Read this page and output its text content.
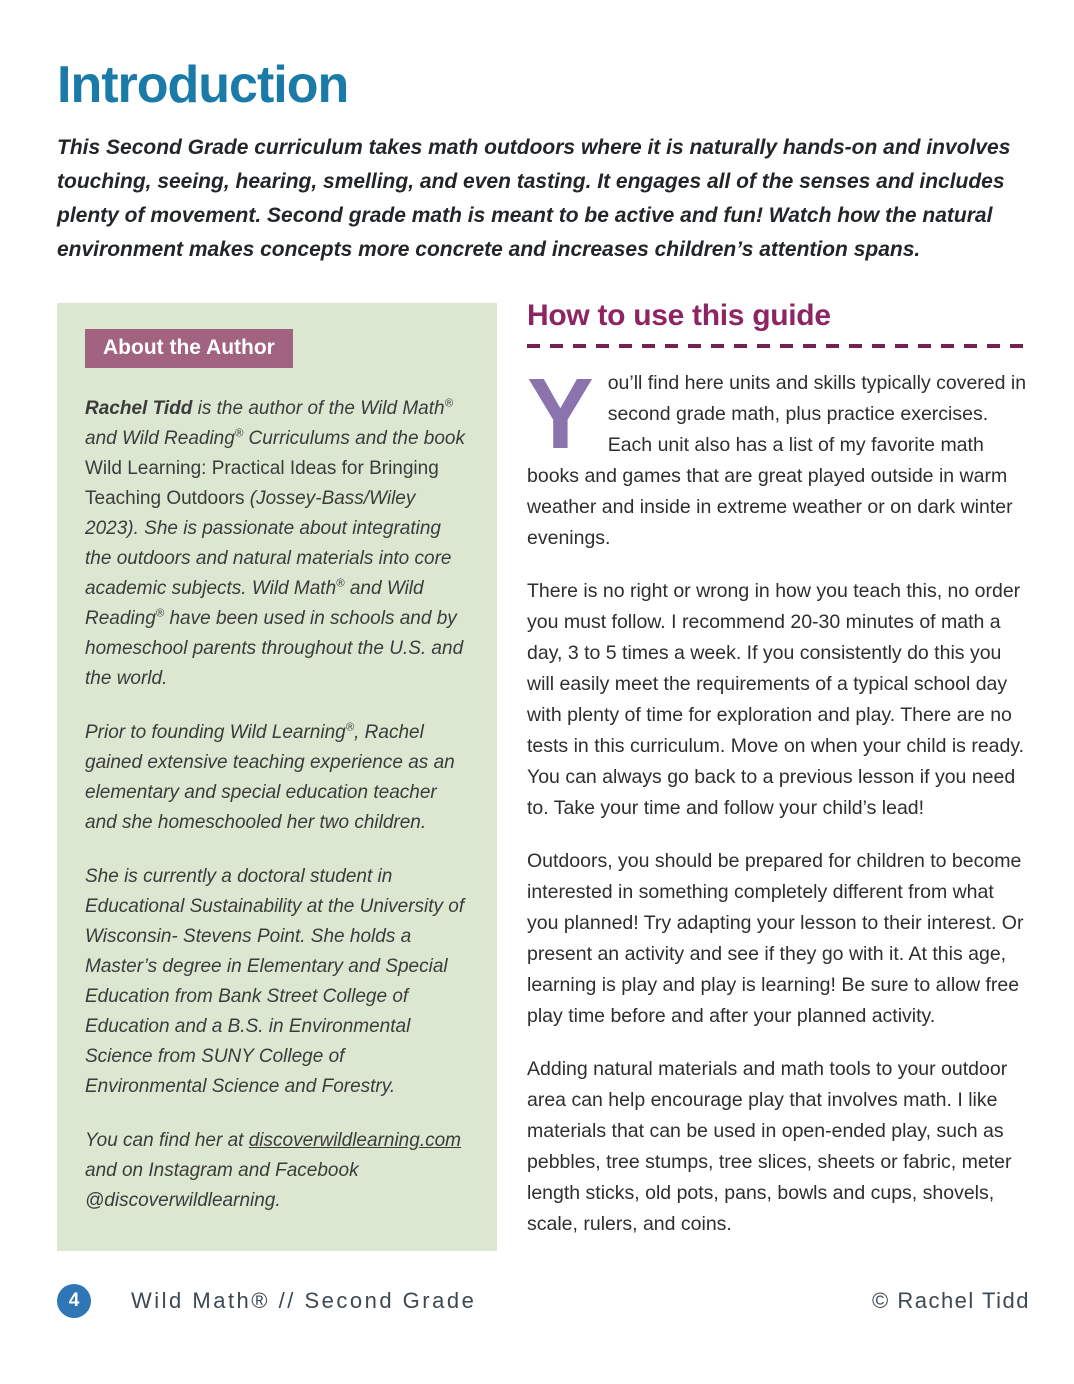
Introduction

This Second Grade curriculum takes math outdoors where it is naturally hands-on and involves touching, seeing, hearing, smelling, and even tasting. It engages all of the senses and includes plenty of movement. Second grade math is meant to be active and fun! Watch how the natural environment makes concepts more concrete and increases children’s attention spans.

About the Author

Rachel Tidd is the author of the Wild Math® and Wild Reading® Curriculums and the book Wild Learning: Practical Ideas for Bringing Teaching Outdoors (Jossey-Bass/Wiley 2023). She is passionate about integrating the outdoors and natural materials into core academic subjects. Wild Math® and Wild Reading® have been used in schools and by homeschool parents throughout the U.S. and the world.

Prior to founding Wild Learning®, Rachel gained extensive teaching experience as an elementary and special education teacher and she homeschooled her two children.

She is currently a doctoral student in Educational Sustainability at the University of Wisconsin- Stevens Point. She holds a Master’s degree in Elementary and Special Education from Bank Street College of Education and a B.S. in Environmental Science from SUNY College of Environmental Science and Forestry.

You can find her at discoverwildlearning.com and on Instagram and Facebook @discoverwildlearning.

How to use this guide

Y ou’ll find here units and skills typically covered in second grade math, plus practice exercises. Each unit also has a list of my favorite math books and games that are great played outside in warm weather and inside in extreme weather or on dark winter evenings.

There is no right or wrong in how you teach this, no order you must follow. I recommend 20-30 minutes of math a day, 3 to 5 times a week. If you consistently do this you will easily meet the requirements of a typical school day with plenty of time for exploration and play. There are no tests in this curriculum. Move on when your child is ready. You can always go back to a previous lesson if you need to. Take your time and follow your child’s lead!

Outdoors, you should be prepared for children to become interested in something completely different from what you planned! Try adapting your lesson to their interest. Or present an activity and see if they go with it. At this age, learning is play and play is learning! Be sure to allow free play time before and after your planned activity.

Adding natural materials and math tools to your outdoor area can help encourage play that involves math. I like materials that can be used in open-ended play, such as pebbles, tree stumps, tree slices, sheets or fabric, meter length sticks, old pots, pans, bowls and cups, shovels, scale, rulers, and coins.

4	Wild Math® // Second Grade	© Rachel Tidd
